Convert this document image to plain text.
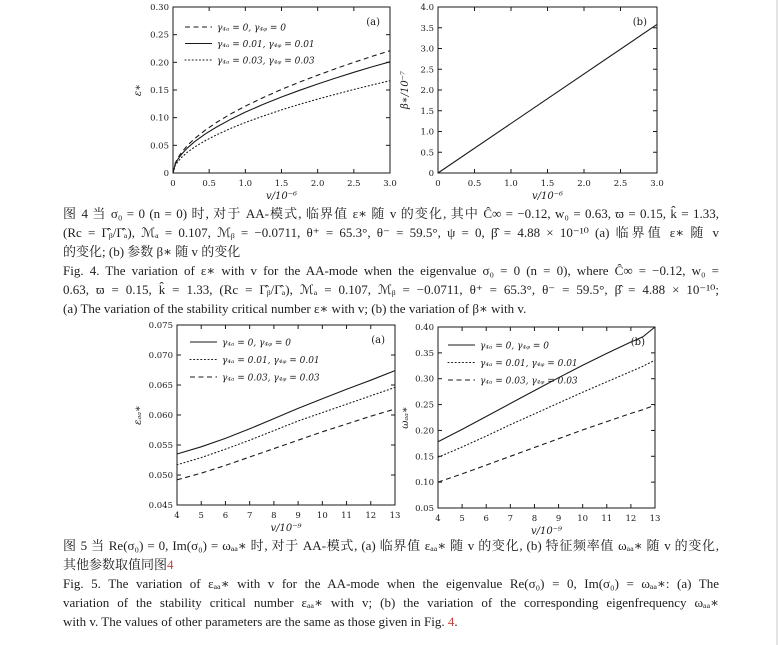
0	0.5	1.0	1.5	2.0	2.5	3.0
0
0.05
0.10
0.15
0.20
0.25
0.30
γ₄ₐ = 0, γ₄ᵩ = 0
γ₄ₐ = 0.01, γ₄ᵩ = 0.01
γ₄ₐ = 0.03, γ₄ᵩ = 0.03
(a)
v/10⁻⁶
ε∗
0	0.5	1.0	1.5	2.0	2.5	3.0
0
0.5
1.0
1.5
2.0
2.5
3.0
3.5
4.0
(b)
v/10⁻⁶
β∗/10⁻⁷
4 5 6 7 8 9 10 11 12 13
0.045
0.050
0.055
0.060
0.065
0.070
0.075
γ₄ₐ = 0, γ₄ᵩ = 0
γ₄ₐ = 0.01, γ₄ᵩ = 0.01
γ₄ₐ = 0.03, γ₄ᵩ = 0.03
(a)
v/10⁻⁹
εₐₐ∗
4 5 6 7 8 9 10 11 12 13
0.05
0.10
0.15
0.20
0.25
0.30
0.35
0.40
γ₄ₐ = 0, γ₄ᵩ = 0
γ₄ₐ = 0.01, γ₄ᵩ = 0.01
γ₄ₐ = 0.03, γ₄ᵩ = 0.03
(b)
v/10⁻⁹
ωₐₐ∗
图 4 当 σ₀ = 0 (n = 0) 时, 对于 AA-模式, 临界值 ε∗ 随 v 的变化, 其中 Ĉ∞ = −0.12, w₀ = 0.63, ϖ = 0.15, k̂ = 1.33,
(Rc = Γ̂ᵦ/Γ̂ₐ), ℳₐ = 0.107, ℳᵦ = −0.0711, θ⁺ = 65.3°, θ⁻ = 59.5°, ψ = 0, β̂ = 4.88 × 10⁻¹⁰ (a) 临界值 ε∗ 随 v
的变化; (b) 参数 β∗ 随 v 的变化
Fig. 4. The variation of ε∗ with v for the AA-mode when the eigenvalue σ₀ = 0 (n = 0), where Ĉ∞ = −0.12, w₀ =
0.63, ϖ = 0.15, k̂ = 1.33, (Rc = Γ̂ᵦ/Γ̂ₐ), ℳₐ = 0.107, ℳᵦ = −0.0711, θ⁺ = 65.3°, θ⁻ = 59.5°, β̂ = 4.88 × 10⁻¹⁰;
(a) The variation of the stability critical number ε∗ with v; (b) the variation of β∗ with v.
图 5 当 Re(σ₀) = 0, Im(σ₀) = ωₐₐ∗ 时, 对于 AA-模式, (a) 临界值 εₐₐ∗ 随 v 的变化, (b) 特征频率值 ωₐₐ∗ 随 v 的变化,
其他参数取值同图4
Fig. 5. The variation of εₐₐ∗ with v for the AA-mode when the eigenvalue Re(σ₀) = 0, Im(σ₀) = ωₐₐ∗: (a) The
variation of the stability critical number εₐₐ∗ with v; (b) the variation of the corresponding eigenfrequency ωₐₐ∗
with v. The values of other parameters are the same as those given in Fig. 4.
